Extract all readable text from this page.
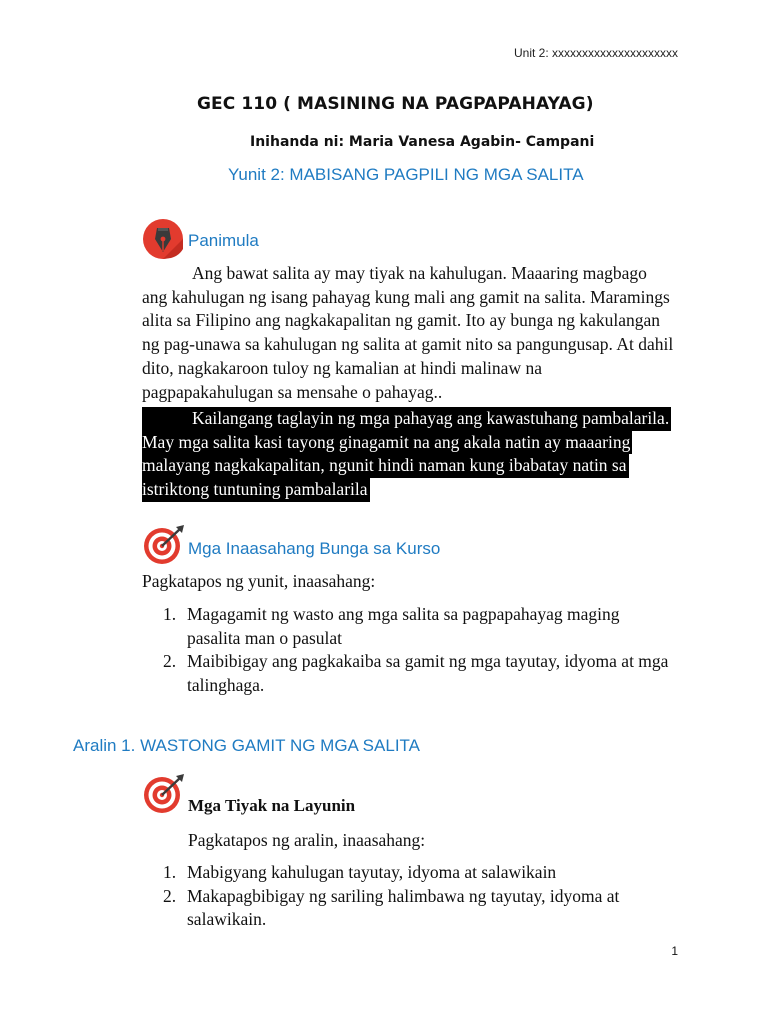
Unit 2: xxxxxxxxxxxxxxxxxxxxx
GEC 110 ( MASINING NA PAGPAPAHAYAG)
Inihanda ni: Maria Vanesa Agabin- Campani
Yunit 2: MABISANG PAGPILI NG MGA SALITA
Panimula
Ang bawat salita ay may tiyak na kahulugan. Maaaring magbago
ang kahulugan ng isang pahayag kung mali ang gamit na salita. Maramings
alita sa Filipino ang nagkakapalitan ng gamit. Ito ay bunga ng kakulangan
ng pag-unawa sa kahulugan ng salita at gamit nito sa pangungusap. At dahil
dito, nagkakaroon tuloy ng kamalian at hindi malinaw na
pagpapakahulugan sa mensahe o pahayag..
Kailangang taglayin ng mga pahayag ang kawastuhang pambalarila.
May mga salita kasi tayong ginagamit na ang akala natin ay maaaring
malayang nagkakapalitan, ngunit hindi naman kung ibabatay natin sa
istriktong tuntuning pambalarila
Mga Inaasahang Bunga sa Kurso
Pagkatapos ng yunit, inaasahang:
1. Magagamit ng wasto ang mga salita sa pagpapahayag maging
pasalita man o pasulat
2. Maibibigay ang pagkakaiba sa gamit ng mga tayutay, idyoma at mga
talinghaga.
Aralin 1. WASTONG GAMIT NG MGA SALITA
Mga Tiyak na Layunin
Pagkatapos ng aralin, inaasahang:
1. Mabigyang kahulugan tayutay, idyoma at salawikain
2. Makapagbibigay ng sariling halimbawa ng tayutay, idyoma at
salawikain.
1
